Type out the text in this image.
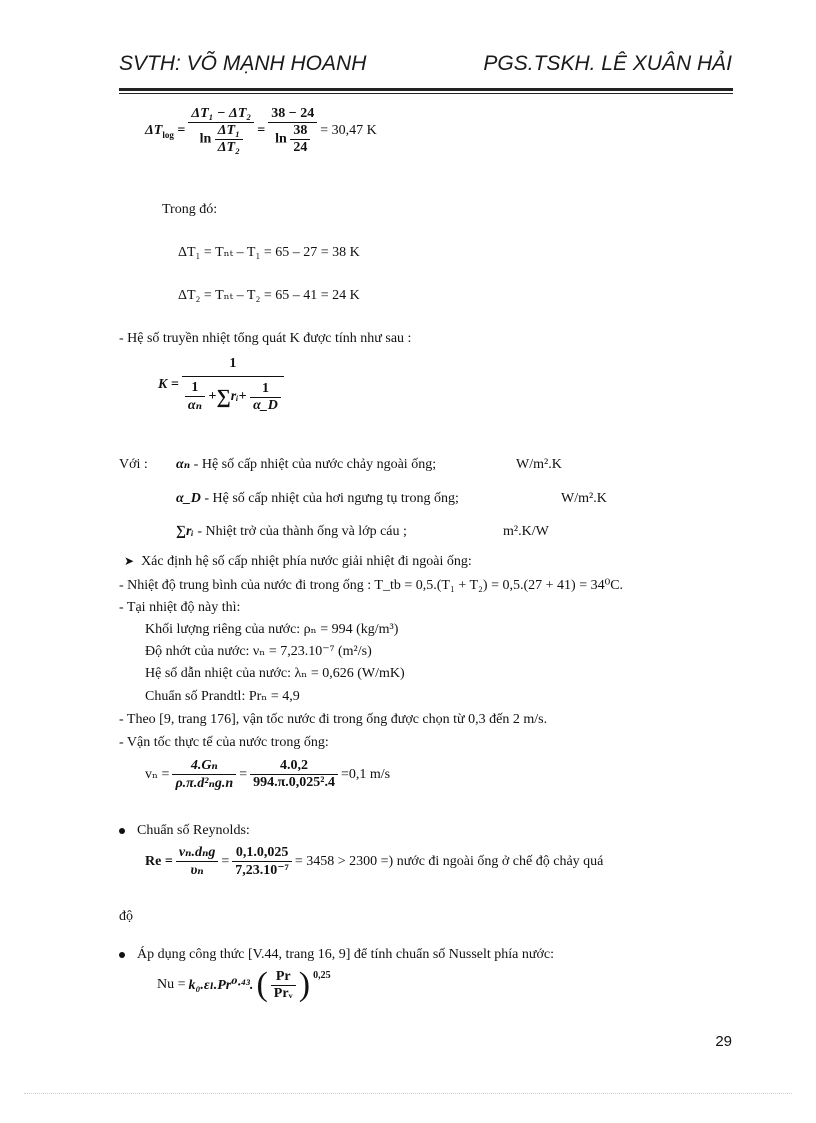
SVTH: VÕ MẠNH HOANH	PGS.TSKH. LÊ XUÂN HẢI
$\Delta T_{log} = \frac{\text{ΔT₁ − ΔT₂}}{\ln \frac{\text{ΔT₁}}{\text{ΔT₂}}} = \frac{38 - 24}{\ln \frac{38}{24}} = 30,47$ K
Trong đó:
ΔT₁ = Tₙₜ – T₁ = 65 – 27 = 38 K
ΔT₂ = Tₙₜ – T₂ = 65 – 41 = 24 K
- Hệ số truyền nhiệt tổng quát K được tính như sau :
$K = \frac{1}{\frac{1}{\text{αₙ}} +\sum rᵢ+ \frac{1}{\alpha\_D}}$
Với : αₙ - Hệ số cấp nhiệt của nước chảy ngoài ống;	W/m².K
α_D - Hệ số cấp nhiệt của hơi ngưng tụ trong ống;	W/m².K
∑rᵢ - Nhiệt trở của thành ống và lớp cáu ;	m².K/W
➤ Xác định hệ số cấp nhiệt phía nước giải nhiệt đi ngoài ống:
- Nhiệt độ trung bình của nước đi trong ống : T_tb = 0,5.(T₁ + T₂) = 0,5.(27 + 41) = 34⁰C.
- Tại nhiệt độ này thì:
Khối lượng riêng của nước: ρₙ = 994 (kg/m³)
Độ nhớt của nước: νₙ = 7,23.10⁻⁷ (m²/s)
Hệ số dẫn nhiệt của nước: λₙ = 0,626 (W/mK)
Chuẩn số Prandtl: Prₙ = 4,9
- Theo [9, trang 176], vận tốc nước đi trong ống được chọn từ 0,3 đến 2 m/s.
- Vận tốc thực tế của nước trong ống:
$v_n = \frac{\text{4.Gₙ}}{\text{ρ.π.d²ₙg.n}} = \frac{4.0,2}{\text{994.π.0,025².4}} =0,1$ m/s
Chuẩn số Reynolds:
$Re = \frac{\text{vₙ.dₙg}}{\text{υₙ}} = \frac{0,1.0,025}{\text{7,23.10⁻⁷}} = 3458 > 2300$ =) nước đi ngoài ống ở chế độ chảy quá
độ
Áp dụng công thức [V.44, trang 16, 9] để tính chuẩn số Nusselt phía nước:
Nu = k₀.εₗ.Pr⁰·⁴³. ( $\frac{Pr}{\text{Prᵥ}}$ ) $^{0,25}$
29
